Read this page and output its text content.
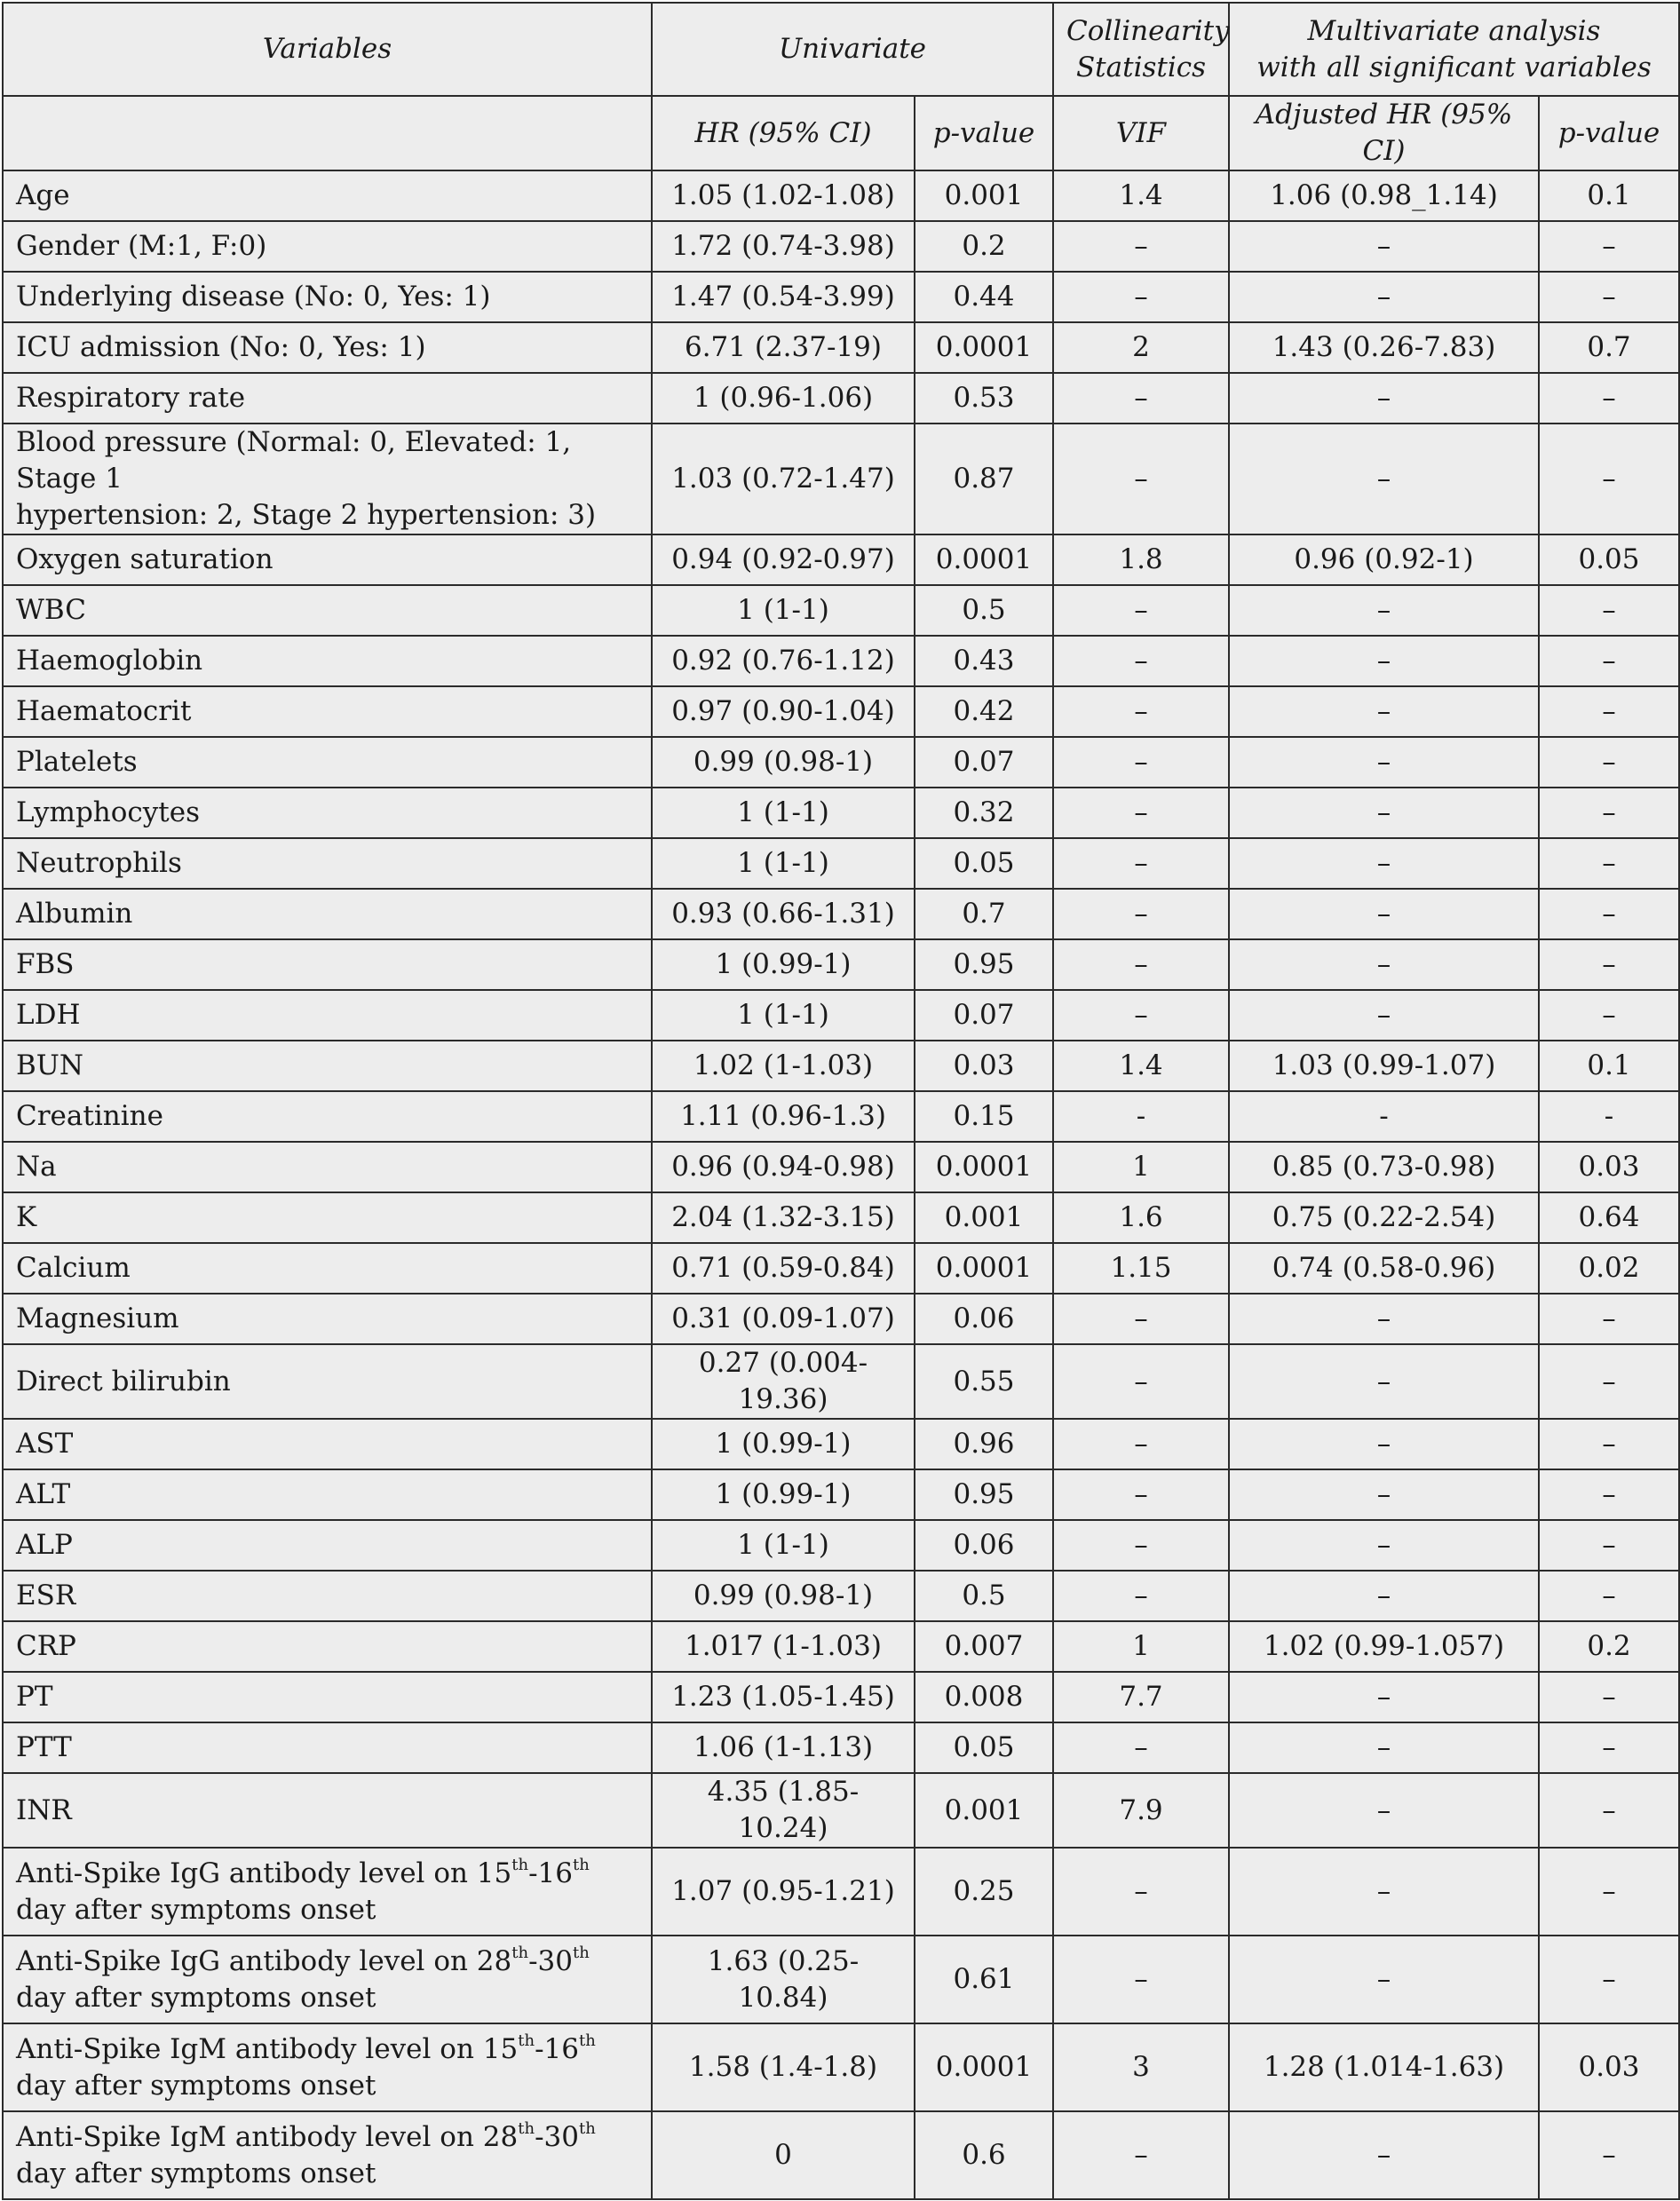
Variables	Univariate		Collinearity
Statistics	Multivariate analysis
with all significant variables	
	HR (95% CI)	p-value	VIF	Adjusted HR (95% CI)	p-value
Age	1.05 (1.02-1.08)	0.001	1.4	1.06 (0.98_1.14)	0.1
Gender (M:1, F:0)	1.72 (0.74-3.98)	0.2	–	–	–
Underlying disease (No: 0, Yes: 1)	1.47 (0.54-3.99)	0.44	–	–	–
ICU admission (No: 0, Yes: 1)	6.71 (2.37-19)	0.0001	2	1.43 (0.26-7.83)	0.7
Respiratory rate	1 (0.96-1.06)	0.53	–	–	–
Blood pressure (Normal: 0, Elevated: 1, Stage 1
hypertension: 2, Stage 2 hypertension: 3)	1.03 (0.72-1.47)	0.87	–	–	–
Oxygen saturation	0.94 (0.92-0.97)	0.0001	1.8	0.96 (0.92-1)	0.05
WBC	1 (1-1)	0.5	–	–	–
Haemoglobin	0.92 (0.76-1.12)	0.43	–	–	–
Haematocrit	0.97 (0.90-1.04)	0.42	–	–	–
Platelets	0.99 (0.98-1)	0.07	–	–	–
Lymphocytes	1 (1-1)	0.32	–	–	–
Neutrophils	1 (1-1)	0.05	–	–	–
Albumin	0.93 (0.66-1.31)	0.7	–	–	–
FBS	1 (0.99-1)	0.95	–	–	–
LDH	1 (1-1)	0.07	–	–	–
BUN	1.02 (1-1.03)	0.03	1.4	1.03 (0.99-1.07)	0.1
Creatinine	1.11 (0.96-1.3)	0.15	-	-	-
Na	0.96 (0.94-0.98)	0.0001	1	0.85 (0.73-0.98)	0.03
K	2.04 (1.32-3.15)	0.001	1.6	0.75 (0.22-2.54)	0.64
Calcium	0.71 (0.59-0.84)	0.0001	1.15	0.74 (0.58-0.96)	0.02
Magnesium	0.31 (0.09-1.07)	0.06	–	–	–
Direct bilirubin	0.27 (0.004-19.36)	0.55	–	–	–
AST	1 (0.99-1)	0.96	–	–	–
ALT	1 (0.99-1)	0.95	–	–	–
ALP	1 (1-1)	0.06	–	–	–
ESR	0.99 (0.98-1)	0.5	–	–	–
CRP	1.017 (1-1.03)	0.007	1	1.02 (0.99-1.057)	0.2
PT	1.23 (1.05-1.45)	0.008	7.7	–	–
PTT	1.06 (1-1.13)	0.05	–	–	–
INR	4.35 (1.85-10.24)	0.001	7.9	–	–
Anti-Spike IgG antibody level on 15th-16th
day after symptoms onset	1.07 (0.95-1.21)	0.25	–	–	–
Anti-Spike IgG antibody level on 28th-30th
day after symptoms onset	1.63 (0.25-10.84)	0.61	–	–	–
Anti-Spike IgM antibody level on 15th-16th
day after symptoms onset	1.58 (1.4-1.8)	0.0001	3	1.28 (1.014-1.63)	0.03
Anti-Spike IgM antibody level on 28th-30th
day after symptoms onset	0	0.6	–	–	–
